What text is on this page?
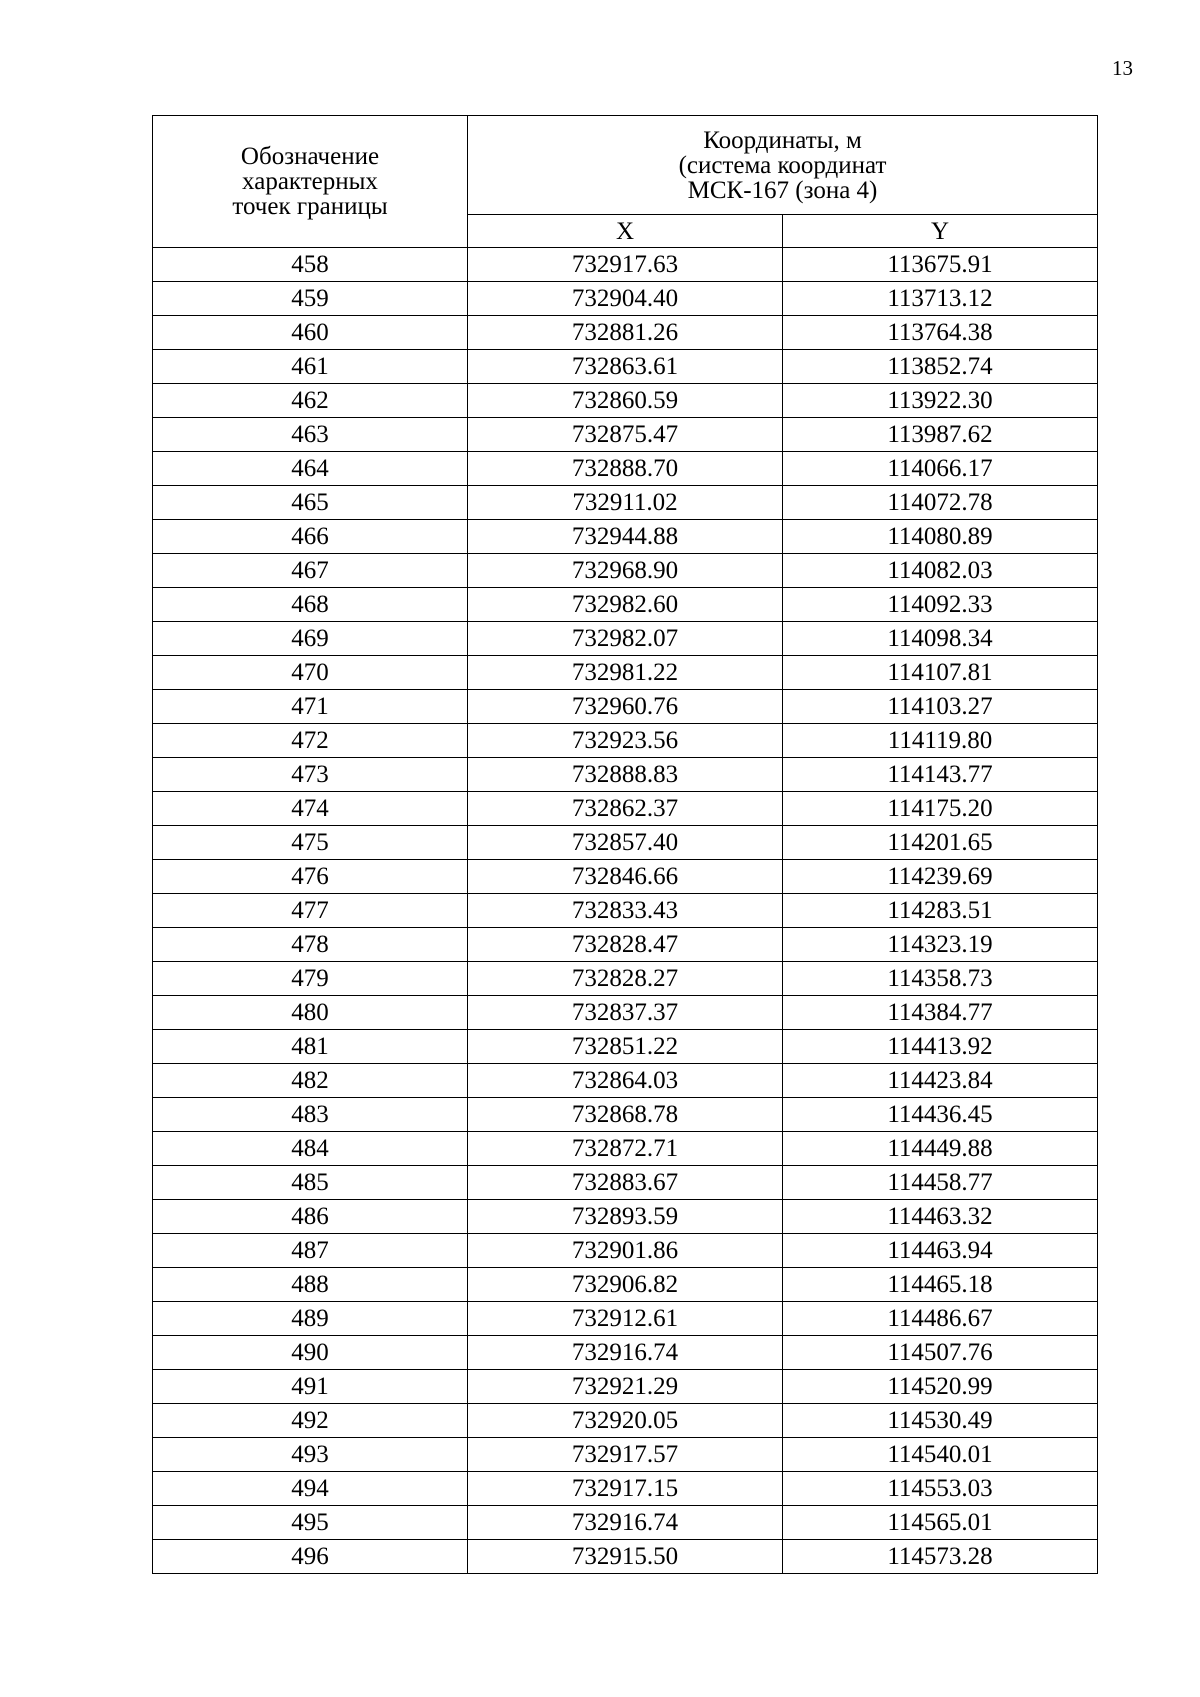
13
Обозначение
характерных
точек границы	Координаты, м
(система координат
МСК-167 (зона 4)	
	X	Y
458	732917.63	113675.91
459	732904.40	113713.12
460	732881.26	113764.38
461	732863.61	113852.74
462	732860.59	113922.30
463	732875.47	113987.62
464	732888.70	114066.17
465	732911.02	114072.78
466	732944.88	114080.89
467	732968.90	114082.03
468	732982.60	114092.33
469	732982.07	114098.34
470	732981.22	114107.81
471	732960.76	114103.27
472	732923.56	114119.80
473	732888.83	114143.77
474	732862.37	114175.20
475	732857.40	114201.65
476	732846.66	114239.69
477	732833.43	114283.51
478	732828.47	114323.19
479	732828.27	114358.73
480	732837.37	114384.77
481	732851.22	114413.92
482	732864.03	114423.84
483	732868.78	114436.45
484	732872.71	114449.88
485	732883.67	114458.77
486	732893.59	114463.32
487	732901.86	114463.94
488	732906.82	114465.18
489	732912.61	114486.67
490	732916.74	114507.76
491	732921.29	114520.99
492	732920.05	114530.49
493	732917.57	114540.01
494	732917.15	114553.03
495	732916.74	114565.01
496	732915.50	114573.28
